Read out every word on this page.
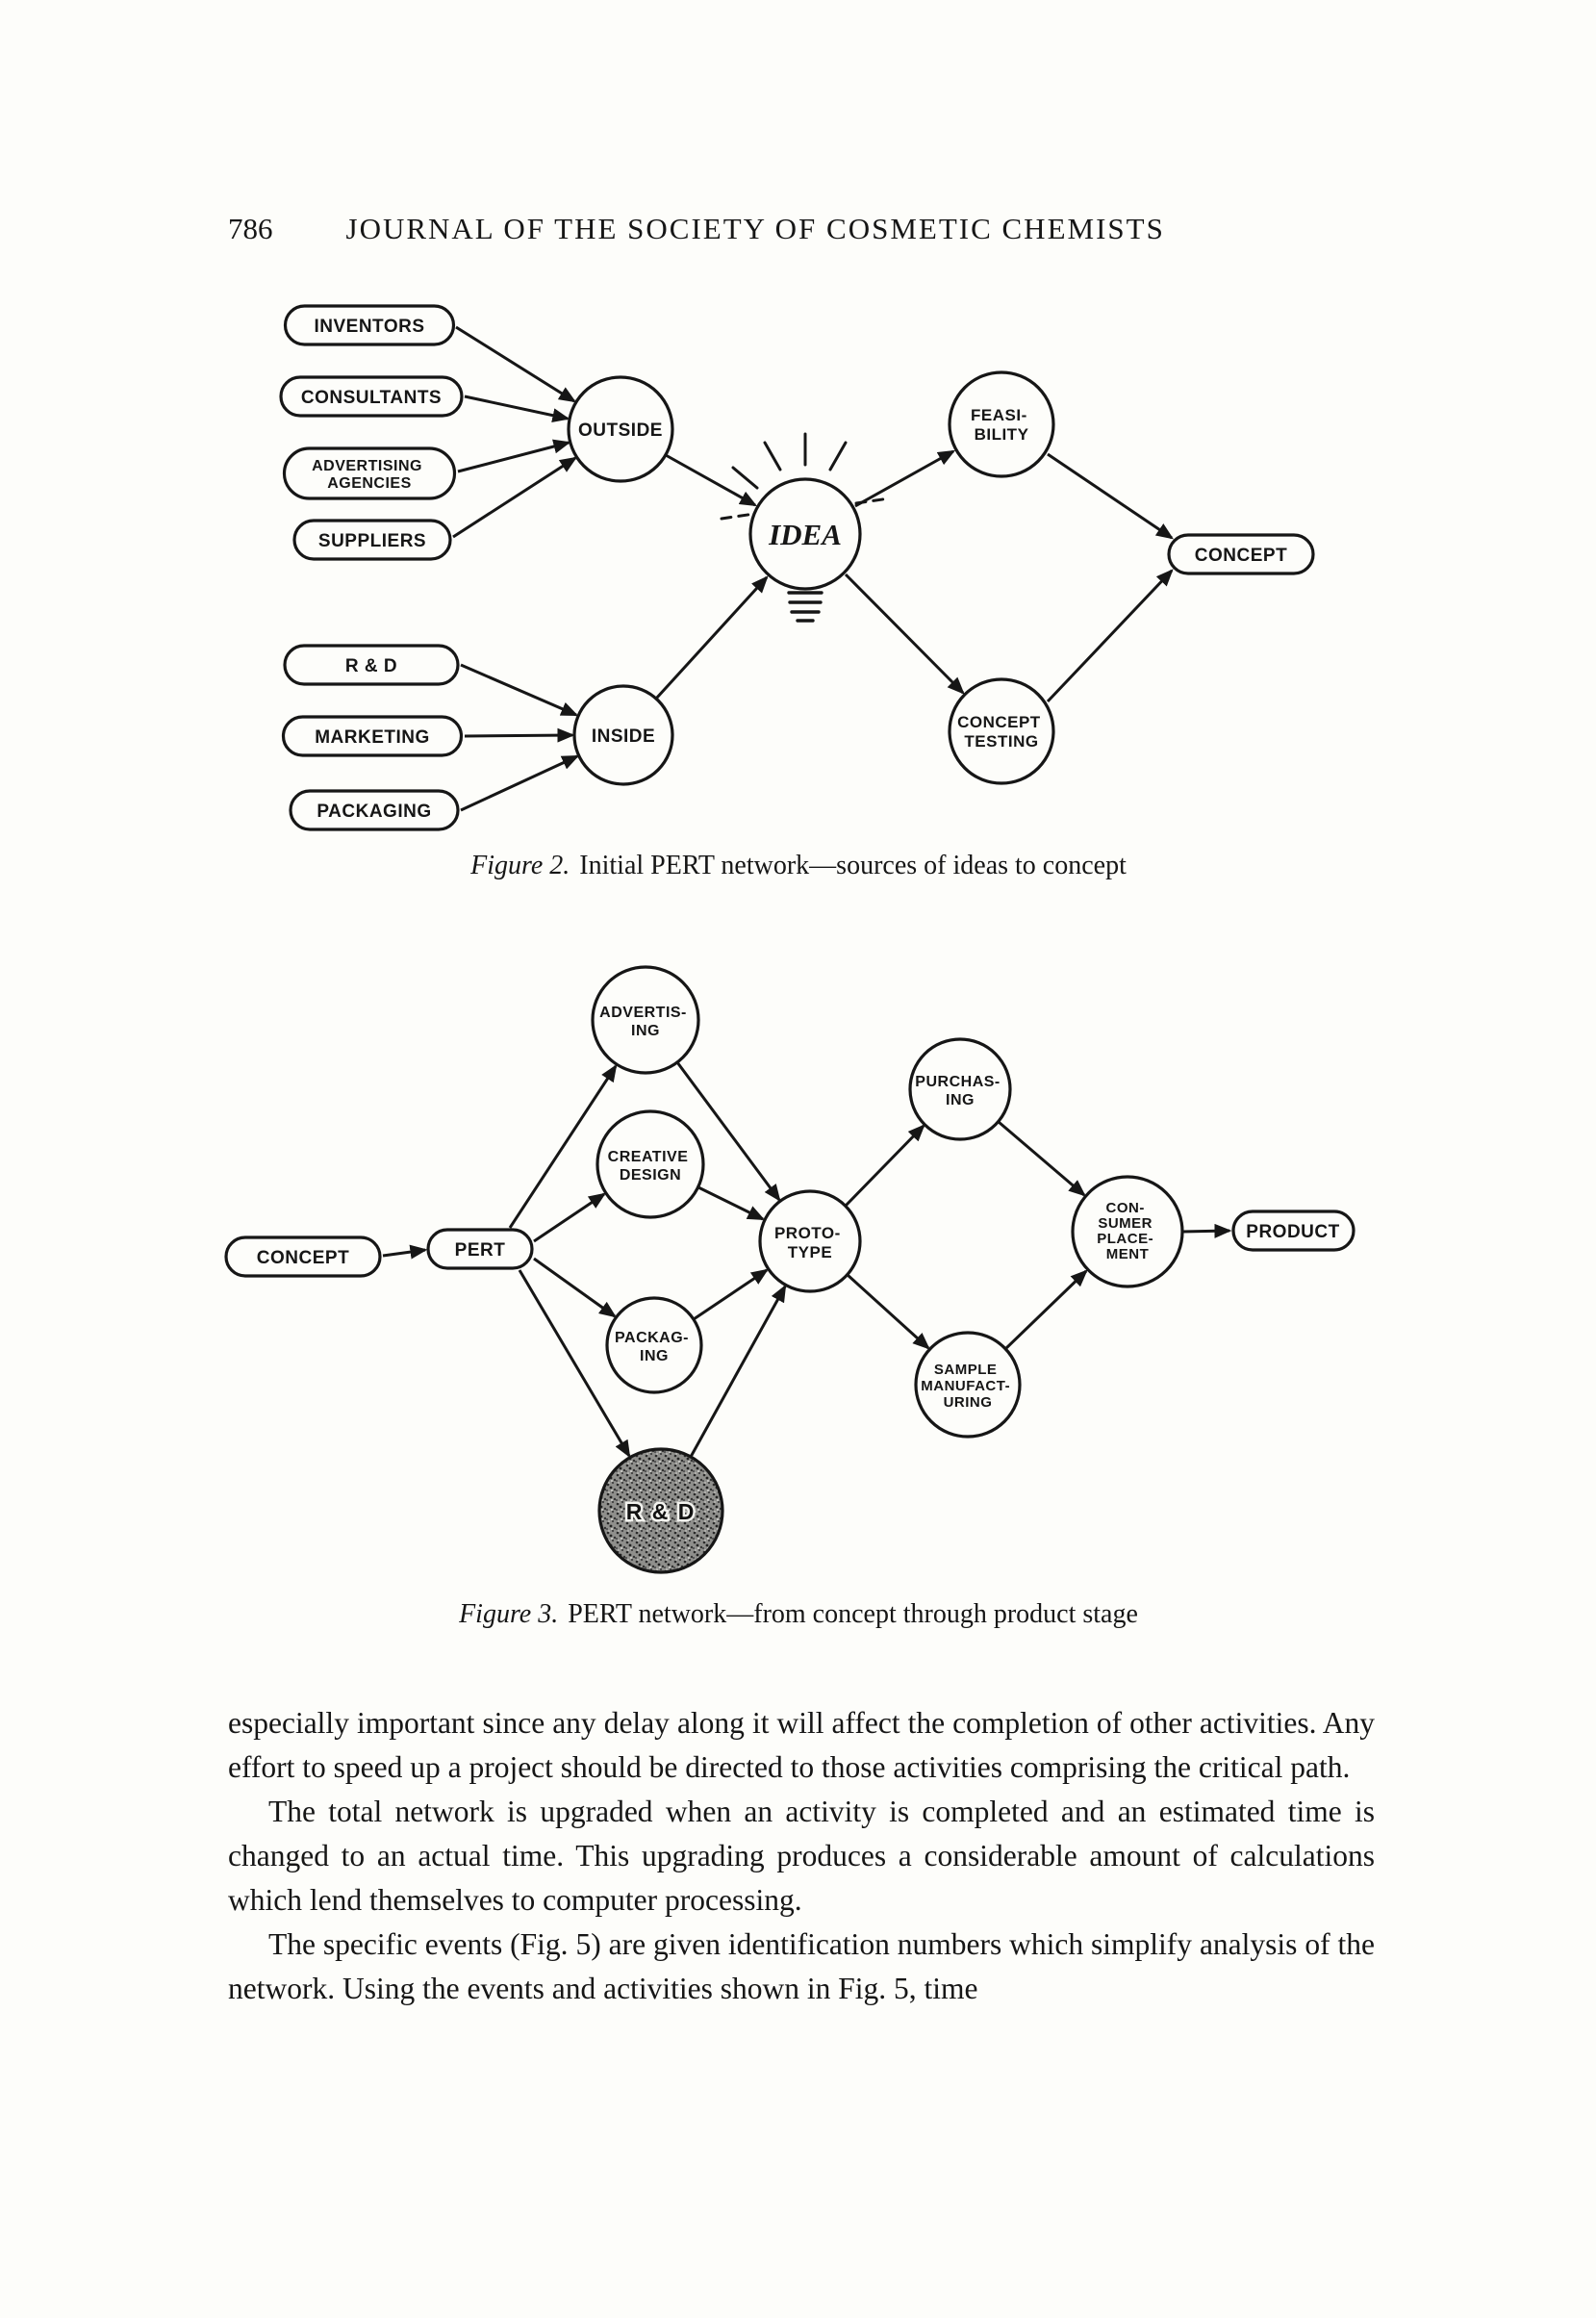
786 JOURNAL OF THE SOCIETY OF COSMETIC CHEMISTS
INVENTORS
CONSULTANTS
ADVERTISING AGENCIES
SUPPLIERS
R & D
MARKETING
PACKAGING
OUTSIDE
INSIDE
IDEA
FEASI- BILITY
CONCEPT TESTING
CONCEPT
Figure 2. Initial PERT network—sources of ideas to concept
CONCEPT	PERT
ADVERTIS- ING
CREATIVE DESIGN
PACKAG- ING
R & D
PROTO- TYPE
PURCHAS- ING
SAMPLE MANUFACT- URING
CON- SUMER PLACE- MENT
PRODUCT
Figure 3. PERT network—from concept through product stage

especially important since any delay along it will affect the completion of other activities. Any effort to speed up a project should be directed to those activities comprising the critical path.

The total network is upgraded when an activity is completed and an estimated time is changed to an actual time. This upgrading produces a considerable amount of calculations which lend themselves to computer processing.

The specific events (Fig. 5) are given identification numbers which simplify analysis of the network. Using the events and activities shown in Fig. 5, time
